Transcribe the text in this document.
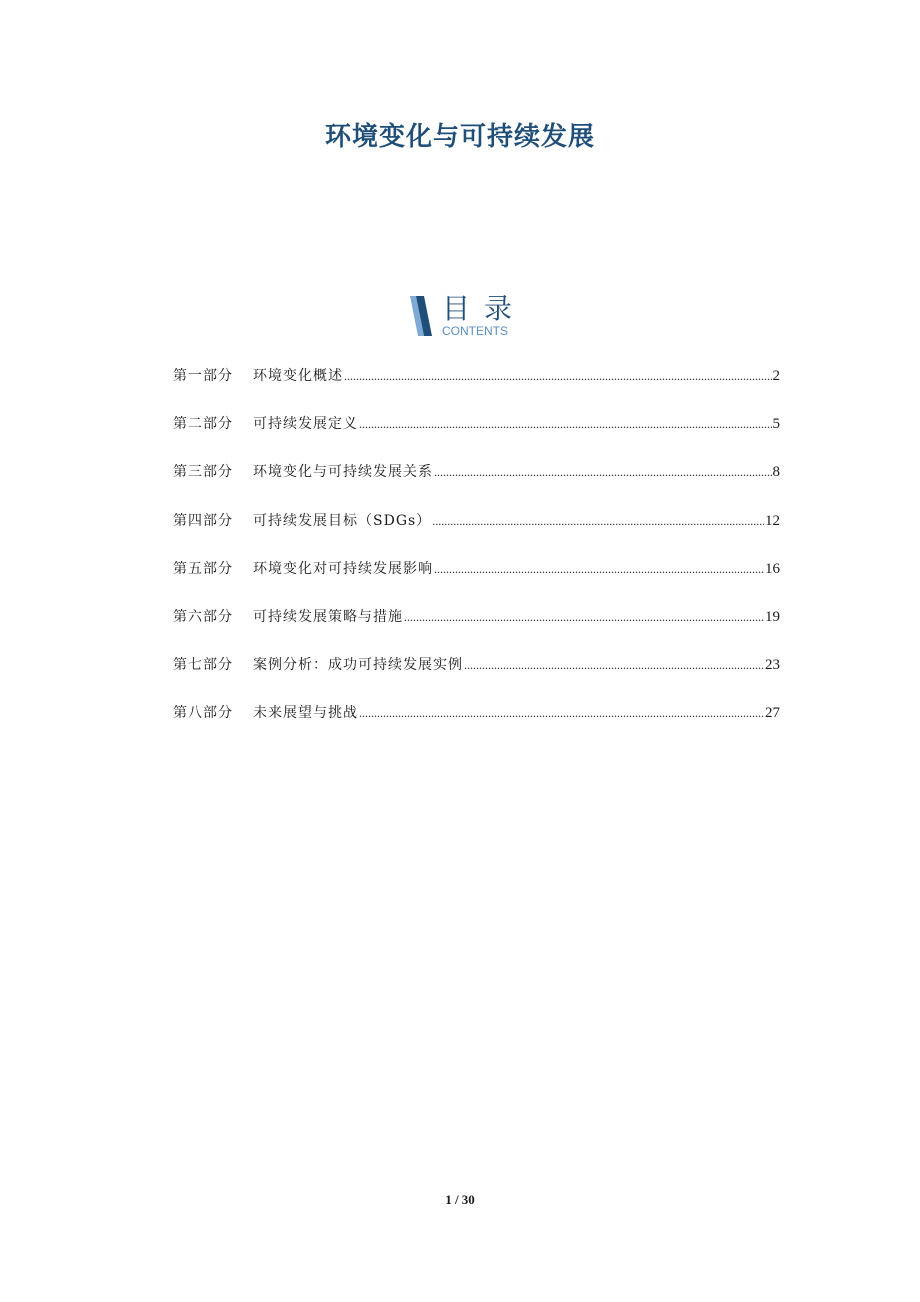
环境变化与可持续发展
目录
CONTENTS
第一部分	环境变化概述 .....	2
第二部分	可持续发展定义 .....	5
第三部分	环境变化与可持续发展关系 .....	8
第四部分	可持续发展目标（SDGs） .....	12
第五部分	环境变化对可持续发展影响 .....	16
第六部分	可持续发展策略与措施 .....	19
第七部分	案例分析：成功可持续发展实例 .....	23
第八部分	未来展望与挑战 .....	27
1 / 30
